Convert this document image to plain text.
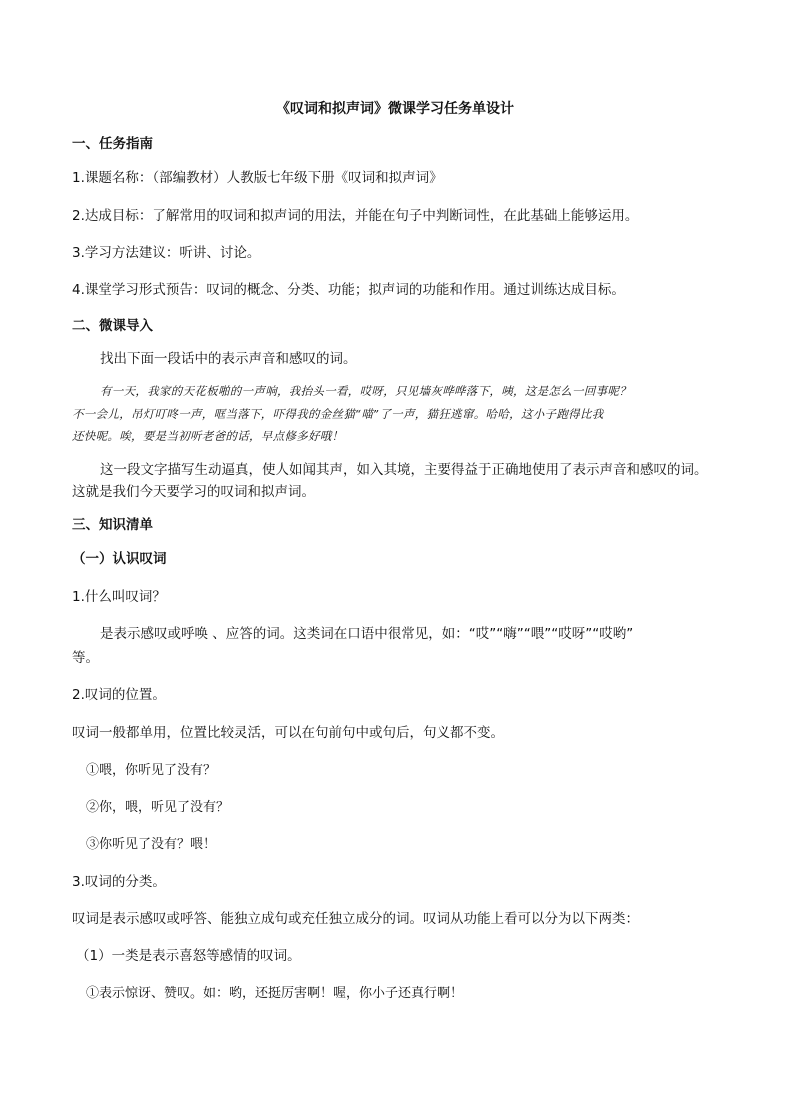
《叹词和拟声词》微课学习任务单设计
一、任务指南
1.课题名称：（部编教材）人教版七年级下册《叹词和拟声词》
2.达成目标：了解常用的叹词和拟声词的用法，并能在句子中判断词性，在此基础上能够运用。
3.学习方法建议：听讲、讨论。
4.课堂学习形式预告：叹词的概念、分类、功能；拟声词的功能和作用。通过训练达成目标。
二、微课导入
找出下面一段话中的表示声音和感叹的词。
有一天，我家的天花板啪的一声响，我抬头一看，哎呀，只见墙灰哗哗落下，咦，这是怎么一回事呢？
不一会儿，吊灯叮咚一声，哐当落下，吓得我的金丝猫“喵”了一声，猫狂逃窜。哈哈，这小子跑得比我
还快呢。唉，要是当初听老爸的话，早点修多好哦！
这一段文字描写生动逼真，使人如闻其声，如入其境，主要得益于正确地使用了表示声音和感叹的词。
这就是我们今天要学习的叹词和拟声词。
三、知识清单
（一）认识叹词
1.什么叫叹词？
是表示感叹或呼唤 、应答的词。这类词在口语中很常见，如：“哎”“嗨”“喂”“哎呀”“哎哟”
等。
2.叹词的位置。
叹词一般都单用，位置比较灵活，可以在句前句中或句后，句义都不变。
①喂，你听见了没有？
②你，喂，听见了没有？
③你听见了没有？喂！
3.叹词的分类。
叹词是表示感叹或呼答、能独立成句或充任独立成分的词。叹词从功能上看可以分为以下两类：
（1）一类是表示喜怒等感情的叹词。
①表示惊讶、赞叹。如：哟，还挺厉害啊！喔，你小子还真行啊！
